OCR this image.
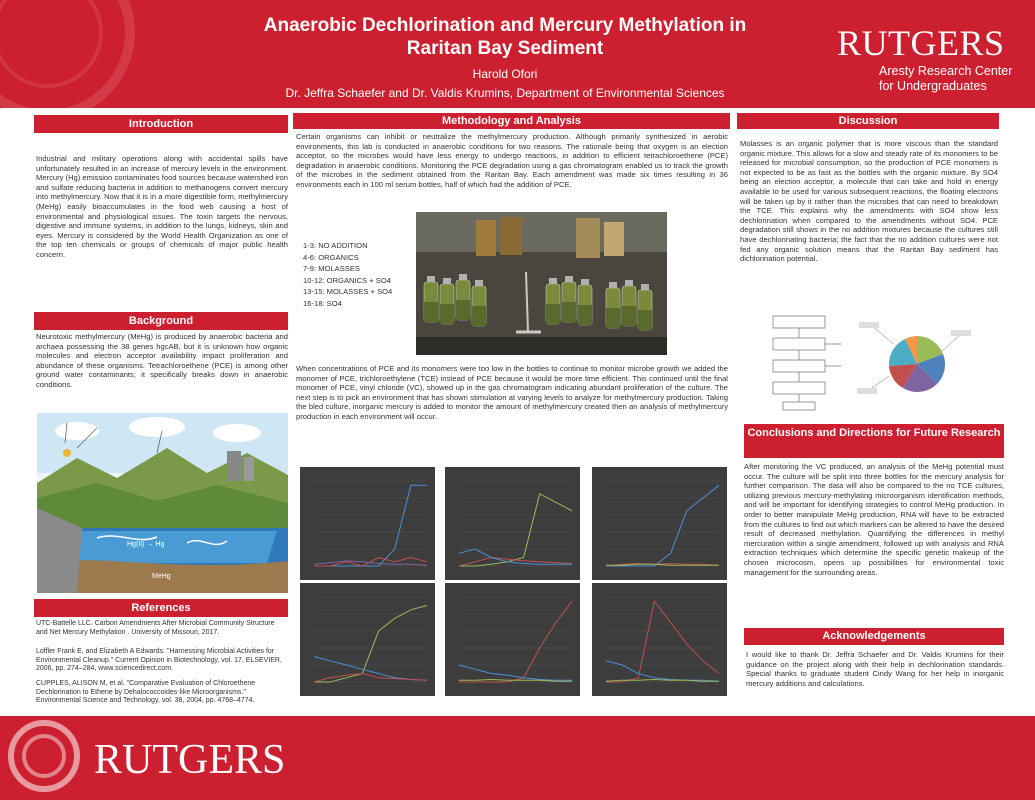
Anaerobic Dechlorination and Mercury Methylation in
Raritan Bay Sediment
Harold Ofori
Dr. Jeffra Schaefer and Dr. Valdis Krumins, Department of Environmental Sciences
RUTGERS
Aresty Research Center
for Undergraduates
Introduction
Industrial and military operations along with accidental spills have unfortunately resulted in an increase of mercury levels in the environment. Mercury (Hg) emission contaminates food sources because watershed iron and sulfate reducing bacteria in addition to methanogens convert mercury into methylmercury. Now that it is in a more digestible form, methylmercury (MeHg) easily bioaccumulates in the food web causing a host of environmental and physiological issues. The toxin targets the nervous, digestive and immune systems, in addition to the lungs, kidneys, skin and eyes. Mercury is considered by the World Health Organization as one of the top ten chemicals or groups of chemicals of major public health concern.
Background
Neurotoxic methylmercury (MeHg) is produced by anaerobic bacteria and archaea possessing the 38 genes hgcAB, but it is unknown how organic molecules and electron acceptor availability impact proliferation and abundance of these organisms. Tetrachloroethene (PCE) is among other ground water contaminants; it specifically breaks down in anaerobic conditions.
Hg(II) → Hg
MeHg
References
UTC-Battelle LLC. Carbon Amendments After Microbial Community Structure and Net Mercury Methylation . University of Missouri, 2017.
Loffler Frank E, and Elizabeth A Edwards. "Harnessing Microbial Activities for Environmental Cleanup." Current Opinion in Biotechnology, vol. 17, ELSEVIER, 2006, pp. 274–284, www.sciencedirect.com.
CUPPLES, ALISON M, et al. "Comparative Evaluation of Chloroethene Dechlorination to Ethene by Dehalococcoides-like Microorganisms." Environmental Science and Technology, vol. 38, 2004, pp. 4768–4774.
Methodology and Analysis
Certain organisms can inhibit or neutralize the methylmercury production. Although primarily synthesized in aerobic environments, this lab is conducted in anaerobic conditions for two reasons. The rationale being that oxygen is an election acceptor, so the microbes would have less energy to undergo reactions, in addition to efficient tetrachloroethene (PCE) degradation in anaerobic conditions. Monitoring the PCE degradation using a gas chromatogram enabled us to track the growth of the microbes in the sediment obtained from the Raritan Bay. Each amendment was made six times resulting in 36 environments each in 100 ml serum bottles, half of which had the addition of PCE.
1-3: NO ADDITION
4-6: ORGANICS
7-9: MOLASSES
10-12: ORGANICS + SO4
13-15: MOLASSES + SO4
16-18: SO4
When concentrations of PCE and its monomers were too low in the bottles to continue to monitor microbe growth we added the monomer of PCE, trichloroethylene (TCE) instead of PCE because it would be more time efficient. This continued until the final monomer of PCE, vinyl chloride (VC), showed up in the gas chromatogram indicating abundant proliferation of the culture. The next step is to pick an environment that has shown stimulation at varying levels to analyze for methylmercury production. Taking the bled culture, inorganic mercury is added to monitor the amount of methylmercury created then an analysis of methylmercury production in each environment will occur.
Discussion
Molasses is an organic polymer that is more viscous than the standard organic mixture. This allows for a slow and steady rate of its monomers to be released for microbial consumption, so the production of PCE monomers is not expected to be as fast as the bottles with the organic mixture. By SO4 being an election acceptor, a molecule that can take and hold in energy available to be used for various subsequent reactions, the floating electrons will be taken up by it rather than the microbes that can need to breakdown the TCE. This explains why the amendments with SO4 show less dechlorination when compared to the amendments without SO4. PCE degradation still shows in the no addition mixtures because the cultures still have dechlorinating bacteria; the fact that the no addition cultures were not fed any organic solution means that the Raritan Bay sediment has dichlorination potential.
Conclusions and Directions for Future Research
After monitoring the VC produced, an analysis of the MeHg potential must occur. The culture will be split into three bottles for the mercury analysis for further comparison. The data will also be compared to the no TCE cultures, utilizing previous mercury-methylating microorganism identification methods, and will be important for identifying strategies to control MeHg production. In order to better manipulate MeHg production, RNA will have to be extracted from the cultures to find out which markers can be altered to have the desired result of decreased methylation. Quantifying the differences in methyl mercuration within a single amendment, followed up with analysis and RNA extraction techniques which determine the specific genetic makeup of the chosen microcosm, opens up possibilities for environmental toxic management for the surrounding areas.
Acknowledgements
I would like to thank Dr. Jeffra Schaefer and Dr. Valdis Krumins for their guidance on the project along with their help in dechlorination standards. Special thanks to graduate student Cindy Wang for her help in inorganic mercury additions and calculations.
RUTGERS
